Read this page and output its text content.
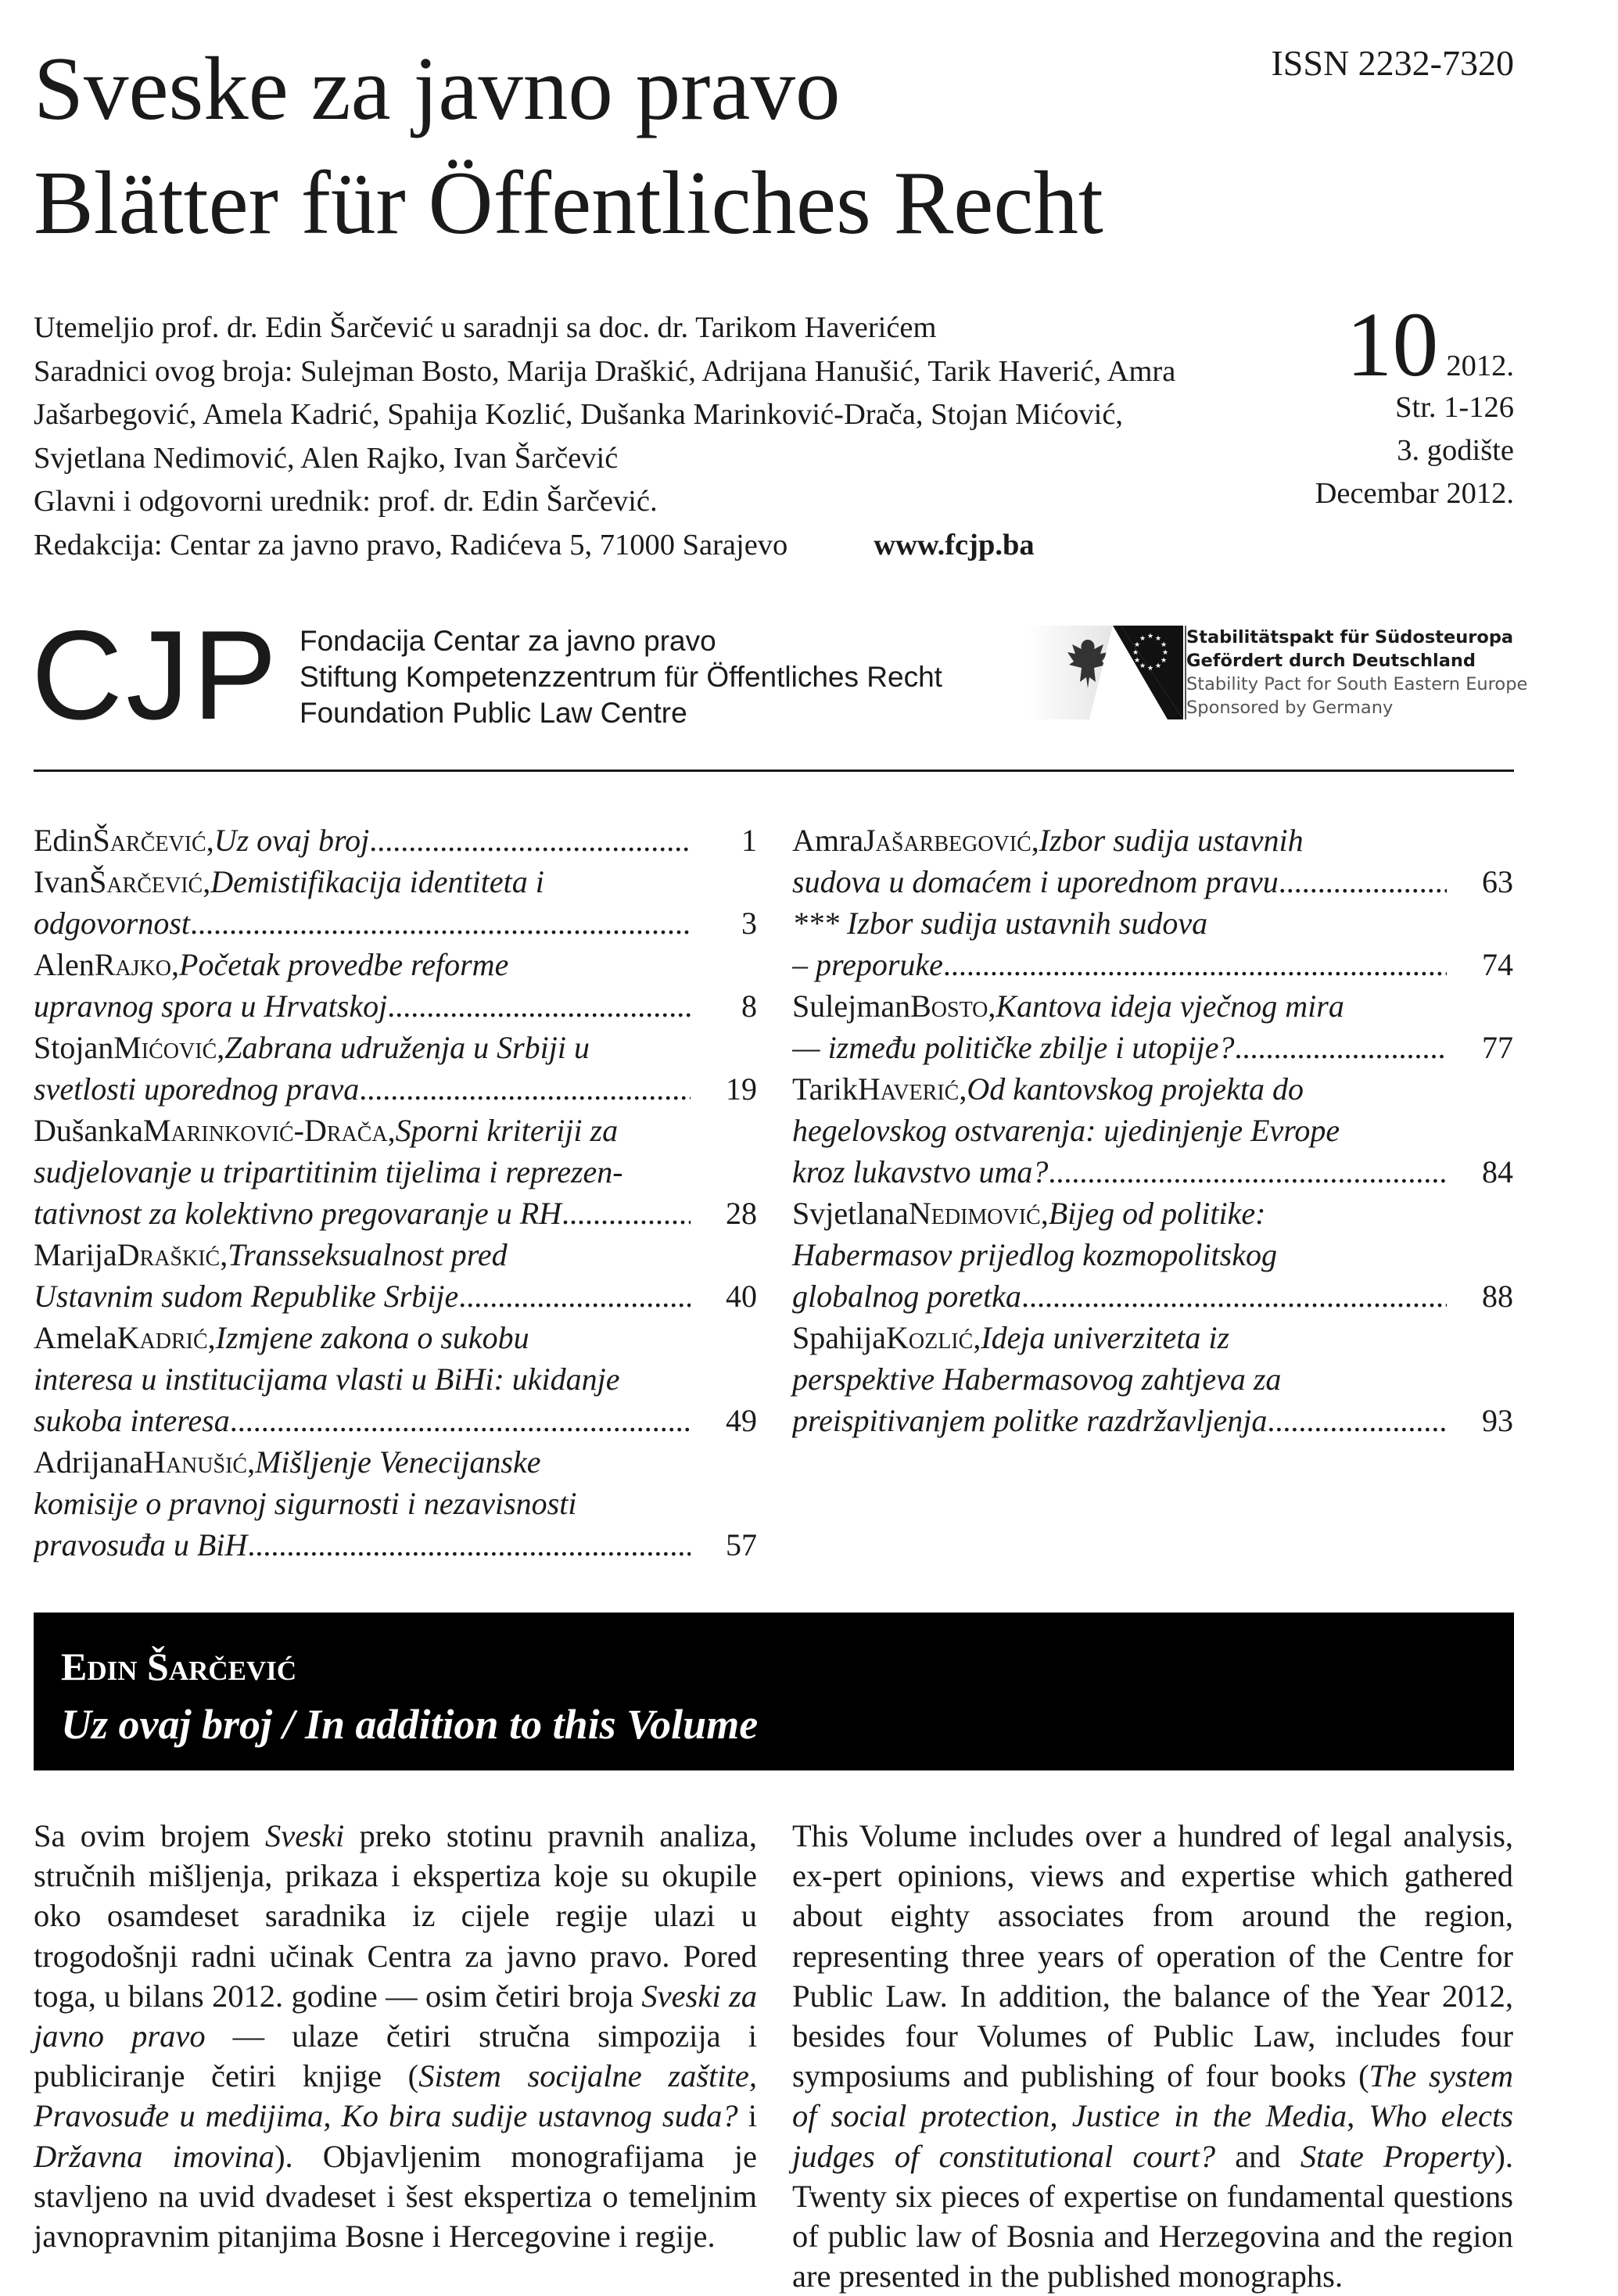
Sveske za javno pravo
Blätter für Öffentliches Recht
ISSN 2232-7320
Utemeljio prof. dr. Edin Šarčević u saradnji sa doc. dr. Tarikom Haverićem
Saradnici ovog broja: Sulejman Bosto, Marija Draškić, Adrijana Hanušić, Tarik Haverić, Amra
Jašarbegović, Amela Kadrić, Spahija Kozlić, Dušanka Marinković-Drača, Stojan Mićović,
Svjetlana Nedimović, Alen Rajko, Ivan Šarčević
Glavni i odgovorni urednik: prof. dr. Edin Šarčević.
Redakcija: Centar za javno pravo, Radićeva 5, 71000 Sarajevo	www.fcjp.ba
10 2012.
Str. 1-126
3. godište
Decembar 2012.
CJP Fondacija Centar za javno pravo
Stiftung Kompetenzzentrum für Öffentliches Recht
Foundation Public Law Centre
★ ★
★
★
★
★
★
★
★
★
★
★ Stabilitätspakt für Südosteuropa
Gefördert durch Deutschland
Stability Pact for South Eastern Europe
Sponsored by Germany
Edin Šarčević , Uz ovaj broj .....	1
Ivan Šarčević , Demistifikacija identiteta i
odgovornost .....	3
Alen Rajko , Početak provedbe reforme
upravnog spora u Hrvatskoj .....	8
Stojan Mićović , Zabrana udruženja u Srbiji u
svetlosti uporednog prava .....	19
Dušanka Marinković-Drača , Sporni kriteriji za
sudjelovanje u tripartitinim tijelima i reprezen-
tativnost za kolektivno pregovaranje u RH .....	28
Marija Draškić , Transseksualnost pred
Ustavnim sudom Republike Srbije .....	40
Amela Kadrić , Izmjene zakona o sukobu
interesa u institucijama vlasti u BiHi: ukidanje
sukoba interesa .....	49
Adrijana Hanušić , Mišljenje Venecijanske
komisije o pravnoj sigurnosti i nezavisnosti
pravosuđa u BiH .....	57
Amra Jašarbegović , Izbor sudija ustavnih
sudova u domaćem i uporednom pravu .....	63
*** Izbor sudija ustavnih sudova
– preporuke .....	74
Sulejman Bosto , Kantova ideja vječnog mira
— između političke zbilje i utopije? .....	77
Tarik Haverić , Od kantovskog projekta do
hegelovskog ostvarenja: ujedinjenje Evrope
kroz lukavstvo uma? .....	84
Svjetlana Nedimović , Bijeg od politike:
Habermasov prijedlog kozmopolitskog
globalnog poretka .....	88
Spahija Kozlić , Ideja univerziteta iz
perspektive Habermasovog zahtjeva za
preispitivanjem politke razdržavljenja .....	93
Edin Šarčević
Uz ovaj broj / In addition to this Volume

Sa ovim brojem Sveski preko stotinu pravnih analiza, stručnih mišljenja, prikaza i ekspertiza koje su okupile oko osamdeset saradnika iz cijele regije ulazi u trogodošnji radni učinak Centra za javno pravo. Pored toga, u bilans 2012. godine — osim četiri broja Sveski za javno pravo — ulaze četiri stručna simpozija i publiciranje četiri knjige (Sistem socijalne zaštite, Pravosuđe u medijima, Ko bira sudije ustavnog suda? i Državna imovina). Objavljenim monografijama je stavljeno na uvid dvadeset i šest ekspertiza o temeljnim javnopravnim pitanjima Bosne i Hercegovine i regije.

This Volume includes over a hundred of legal analysis, ex-pert opinions, views and expertise which gathered about eighty associates from around the region, representing three years of operation of the Centre for Public Law. In addition, the balance of the Year 2012, besides four Volumes of Public Law, includes four symposiums and publishing of four books (The system of social protection, Justice in the Media, Who elects judges of constitutional court? and State Property). Twenty six pieces of expertise on fundamental questions of public law of Bosnia and Herzegovina and the region are presented in the published monographs.
